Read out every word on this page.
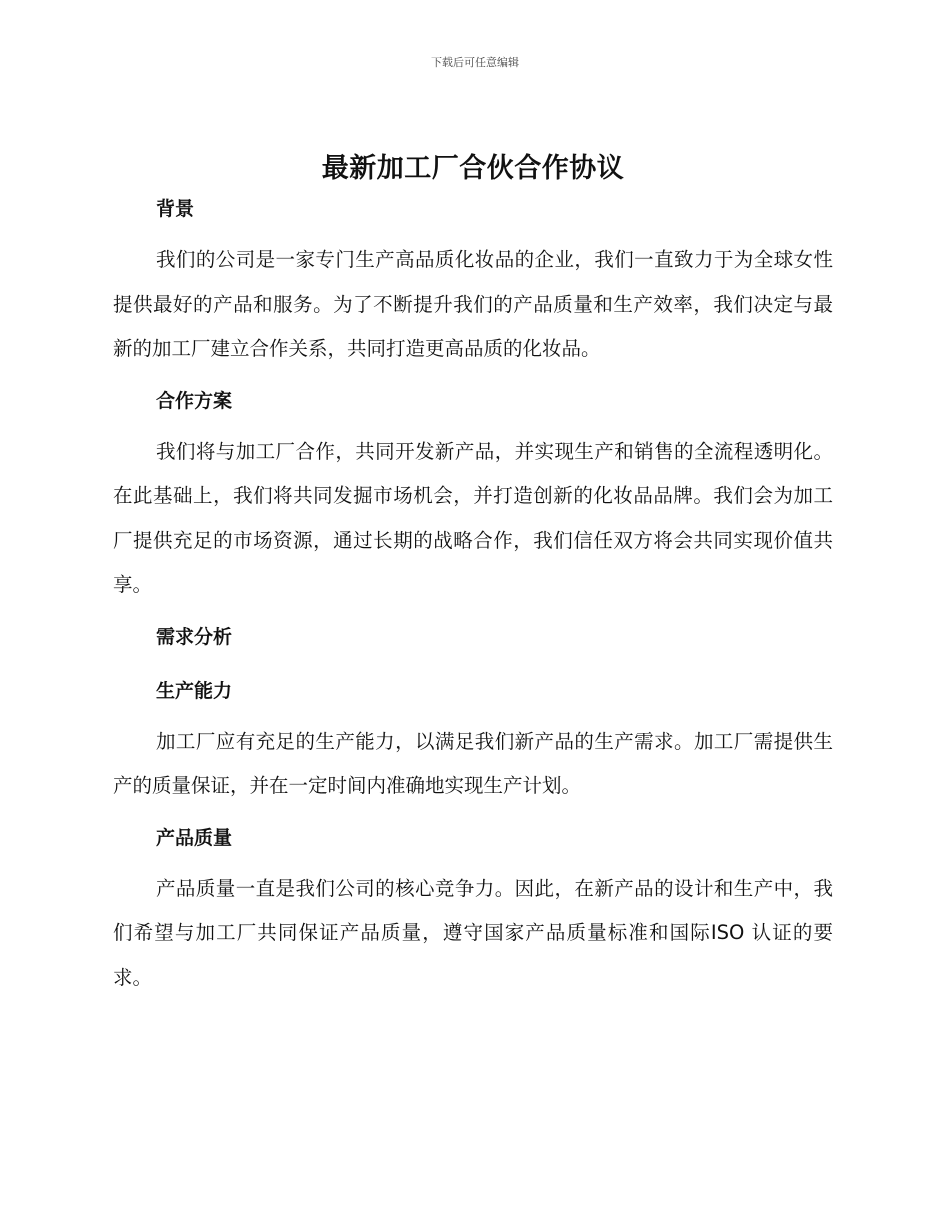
下载后可任意编辑
最新加工厂合伙合作协议
背景

我们的公司是一家专门生产高品质化妆品的企业，我们一直致力于为全球女性提供最好的产品和服务。为了不断提升我们的产品质量和生产效率，我们决定与最新的加工厂建立合作关系，共同打造更高品质的化妆品。

合作方案

我们将与加工厂合作，共同开发新产品，并实现生产和销售的全流程透明化。在此基础上，我们将共同发掘市场机会，并打造创新的化妆品品牌。我们会为加工厂提供充足的市场资源，通过长期的战略合作，我们信任双方将会共同实现价值共享。

需求分析
生产能力

加工厂应有充足的生产能力，以满足我们新产品的生产需求。加工厂需提供生产的质量保证，并在一定时间内准确地实现生产计划。

产品质量

产品质量一直是我们公司的核心竞争力。因此，在新产品的设计和生产中，我们希望与加工厂共同保证产品质量，遵守国家产品质量标准和国际ISO 认证的要求。
